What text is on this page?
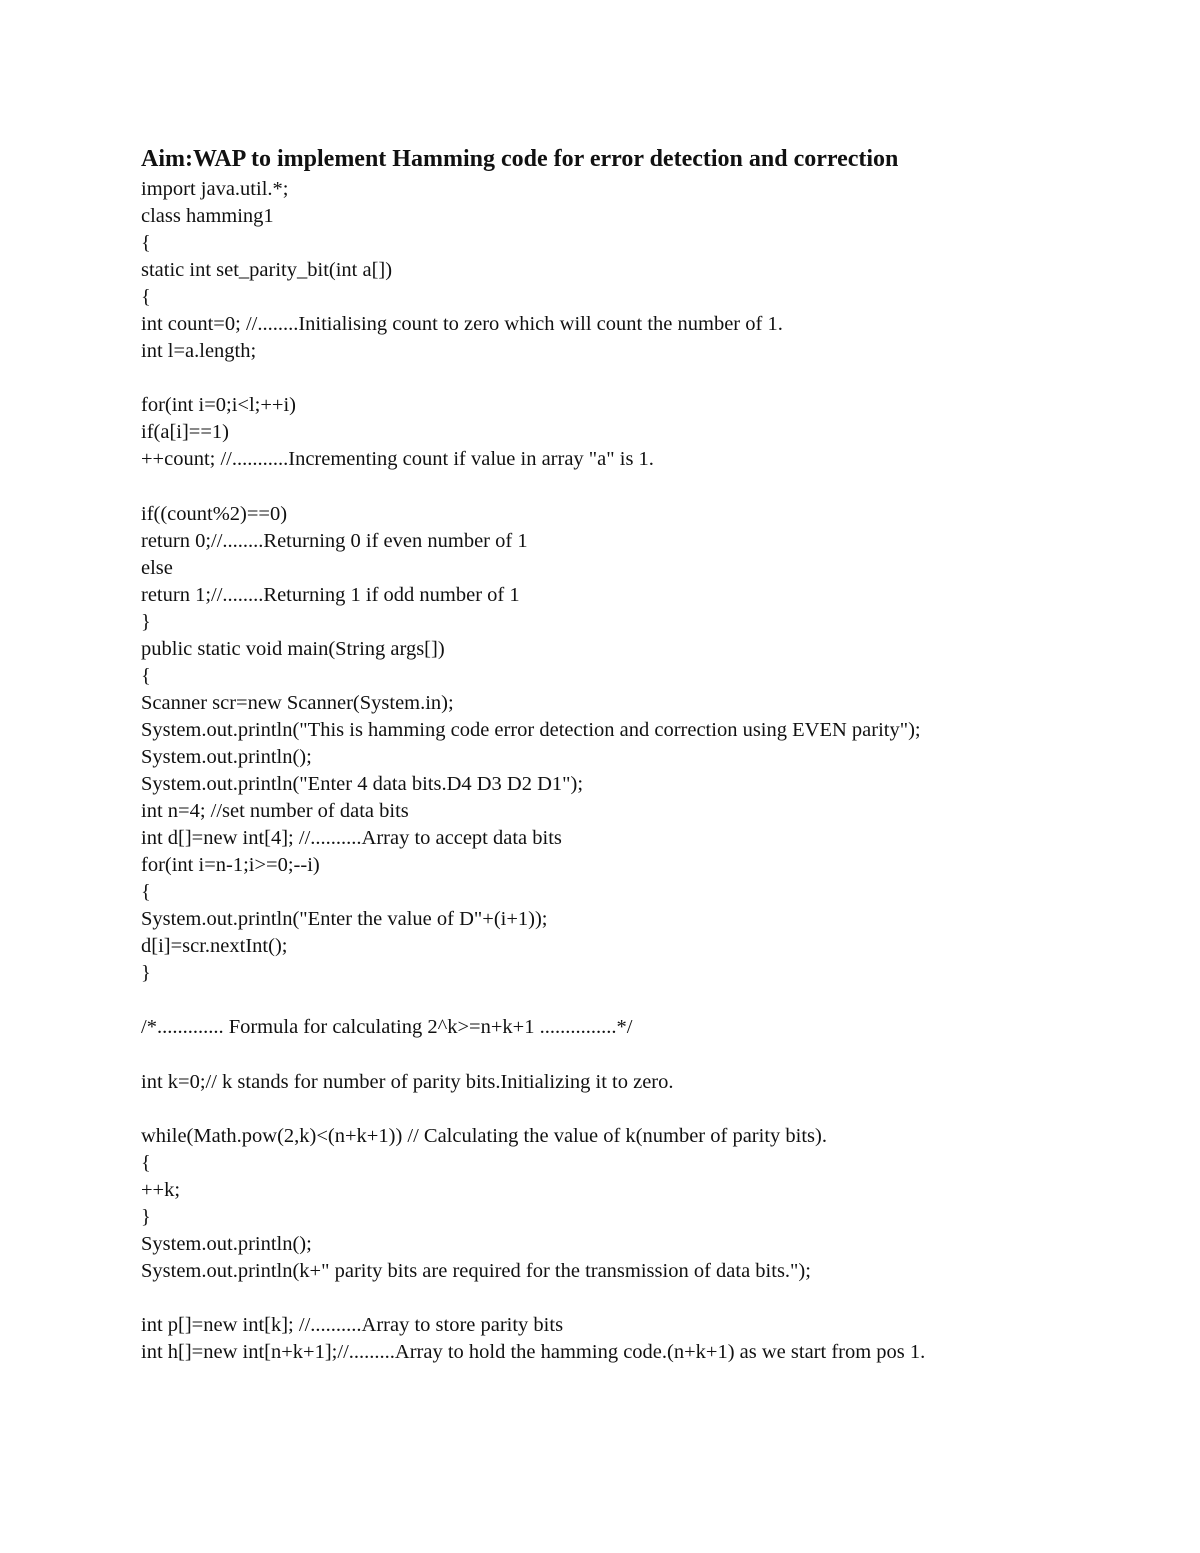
Aim:WAP to implement Hamming code for error detection and correction
import java.util.*;
class hamming1
{
static int set_parity_bit(int a[])
{
int count=0; //........Initialising count to zero which will count the number of 1.
int l=a.length;
for(int i=0;i<l;++i)
if(a[i]==1)
++count; //...........Incrementing count if value in array "a" is 1.
if((count%2)==0)
return 0;//........Returning 0 if even number of 1
else
return 1;//........Returning 1 if odd number of 1
}
public static void main(String args[])
{
Scanner scr=new Scanner(System.in);
System.out.println("This is hamming code error detection and correction using EVEN parity");
System.out.println();
System.out.println("Enter 4 data bits.D4 D3 D2 D1");
int n=4; //set number of data bits
int d[]=new int[4]; //..........Array to accept data bits
for(int i=n-1;i>=0;--i)
{
System.out.println("Enter the value of D"+(i+1));
d[i]=scr.nextInt();
}
/*............. Formula for calculating 2^k>=n+k+1 ...............*/
int k=0;// k stands for number of parity bits.Initializing it to zero.
while(Math.pow(2,k)<(n+k+1)) // Calculating the value of k(number of parity bits).
{
++k;
}
System.out.println();
System.out.println(k+" parity bits are required for the transmission of data bits.");
int p[]=new int[k]; //..........Array to store parity bits
int h[]=new int[n+k+1];//.........Array to hold the hamming code.(n+k+1) as we start from pos 1.
